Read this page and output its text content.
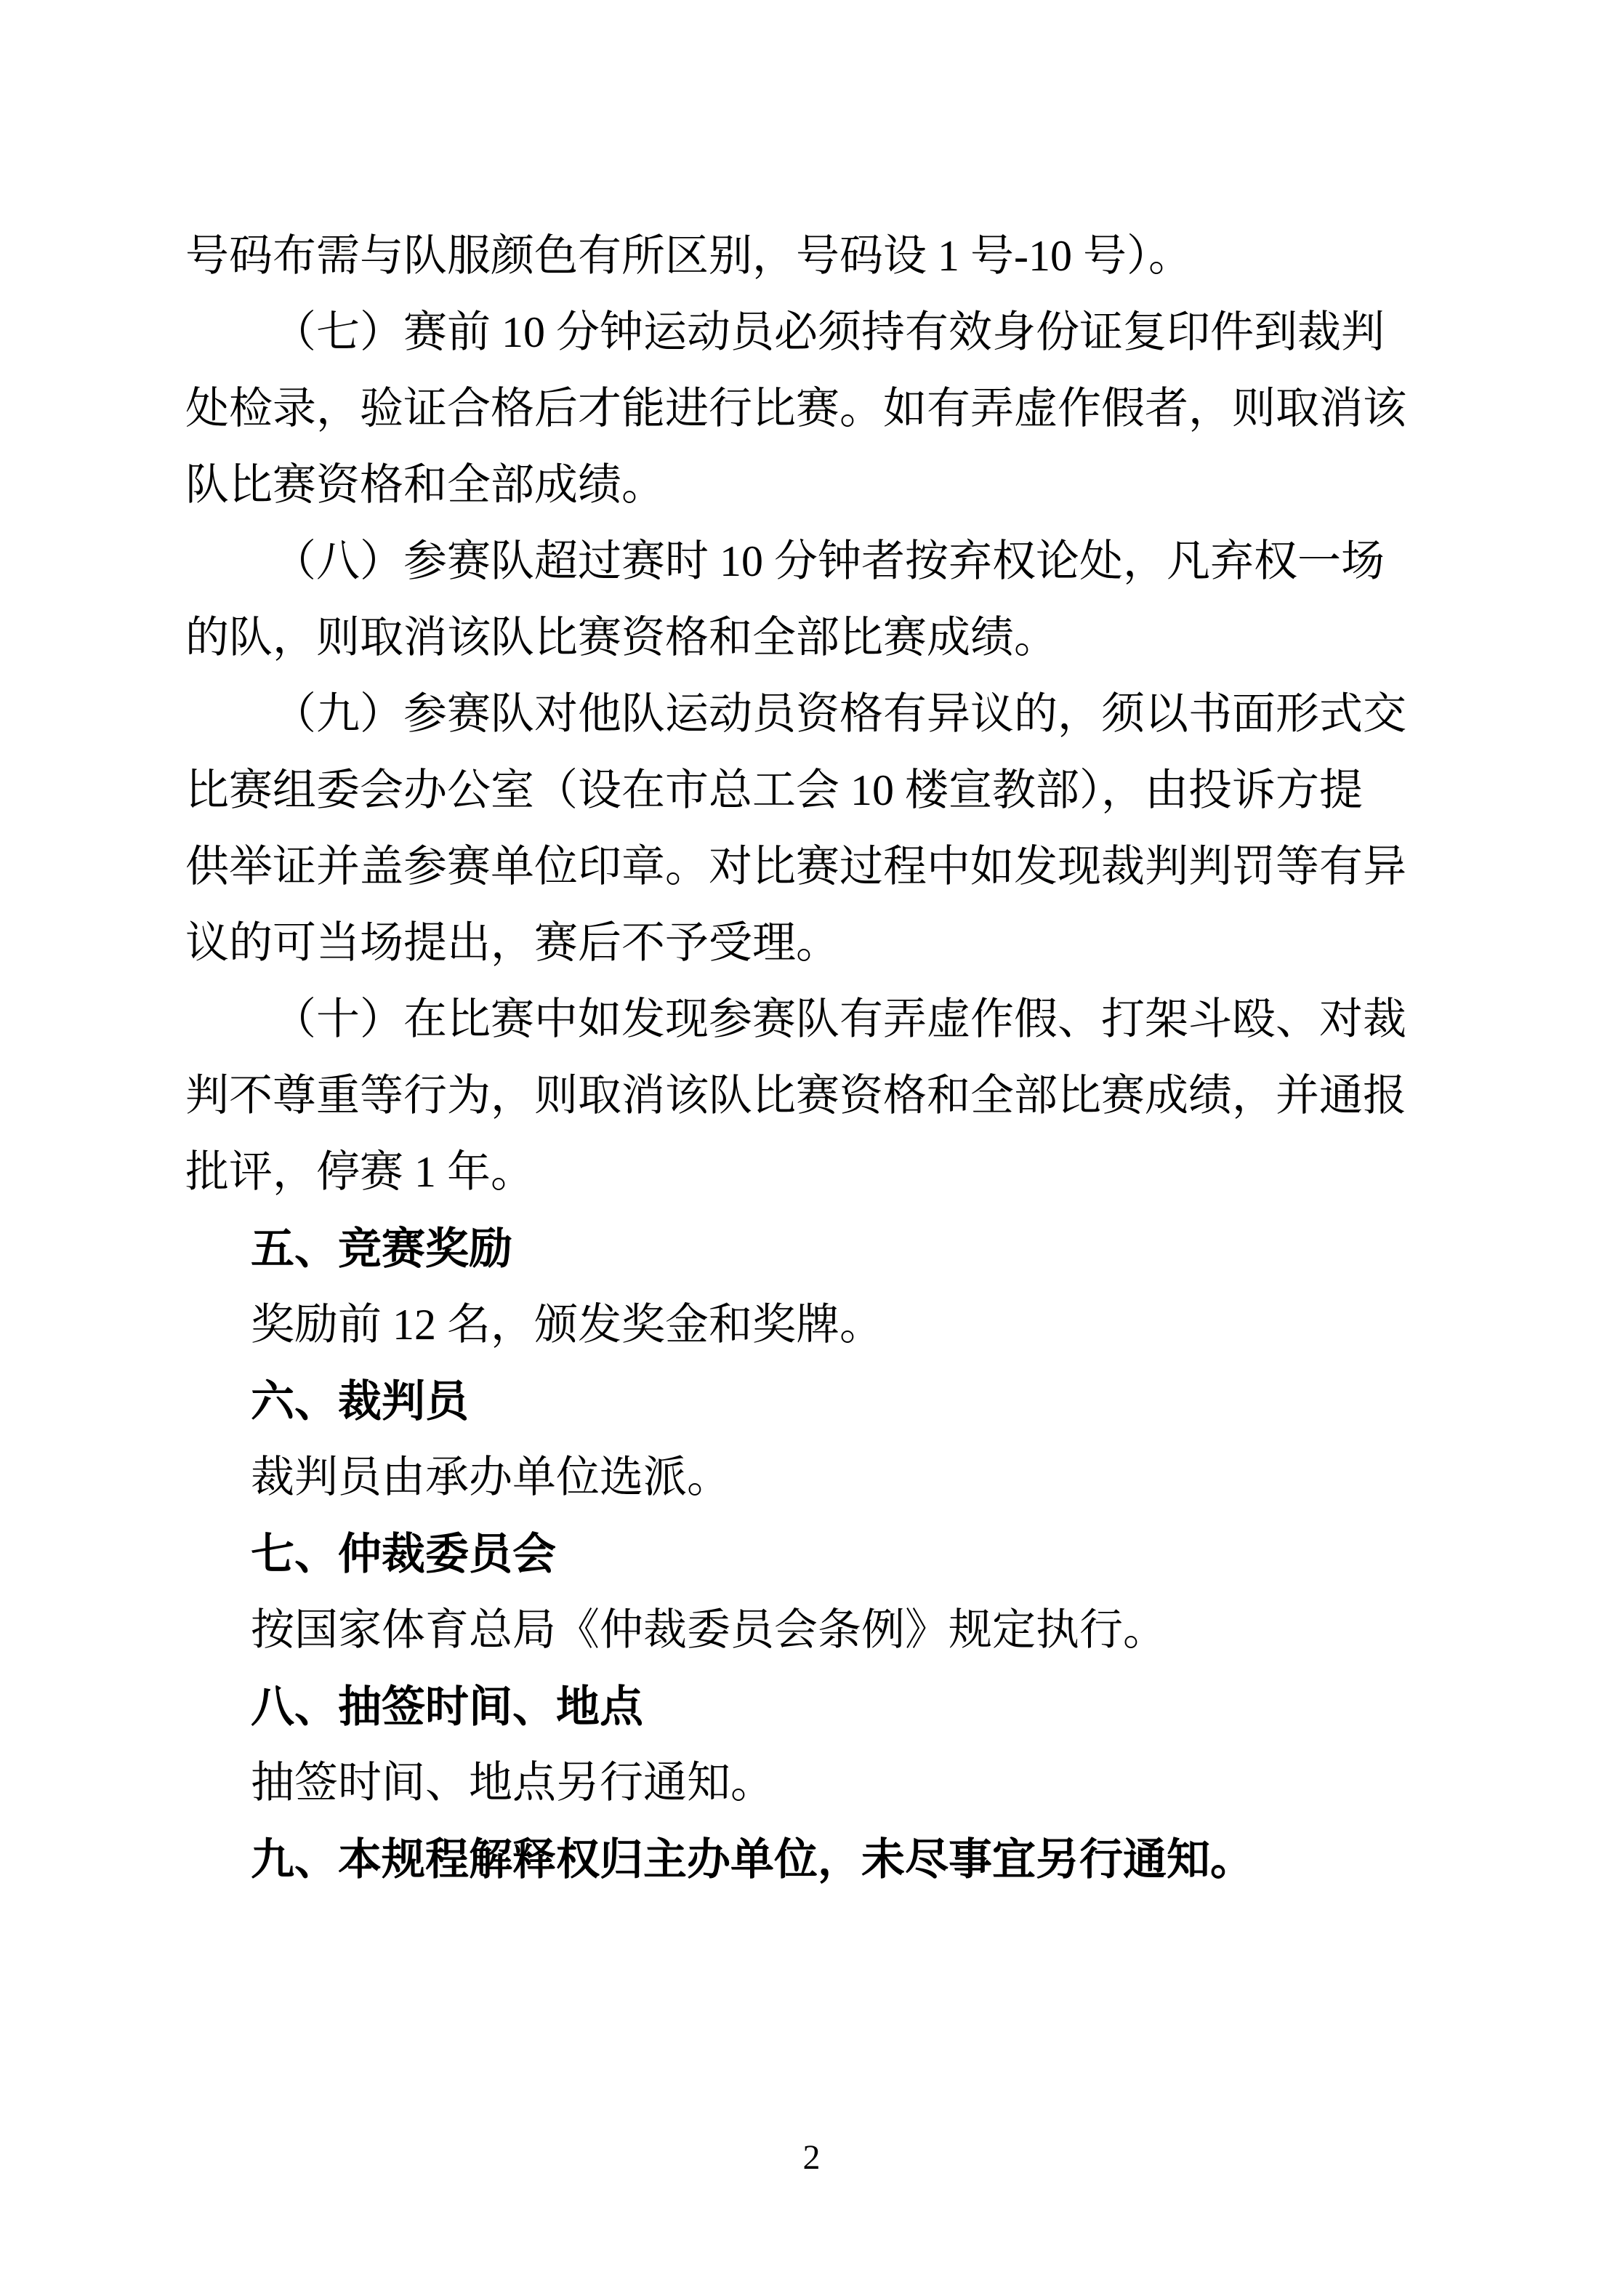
号码布需与队服颜色有所区别，号码设 1 号-10 号）。
（七）赛前 10 分钟运动员必须持有效身份证复印件到裁判
处检录，验证合格后才能进行比赛。如有弄虚作假者，则取消该
队比赛资格和全部成绩。
（八）参赛队超过赛时 10 分钟者按弃权论处，凡弃权一场
的队，则取消该队比赛资格和全部比赛成绩。
（九）参赛队对他队运动员资格有异议的，须以书面形式交
比赛组委会办公室（设在市总工会 10 楼宣教部），由投诉方提
供举证并盖参赛单位印章。对比赛过程中如发现裁判判罚等有异
议的可当场提出，赛后不予受理。
（十）在比赛中如发现参赛队有弄虚作假、打架斗殴、对裁
判不尊重等行为，则取消该队比赛资格和全部比赛成绩，并通报
批评，停赛 1 年。
五、竞赛奖励
奖励前 12 名，颁发奖金和奖牌。
六、裁判员
裁判员由承办单位选派。
七、仲裁委员会
按国家体育总局《仲裁委员会条例》规定执行。
八、抽签时间、地点
抽签时间、地点另行通知。
九、本规程解释权归主办单位，未尽事宜另行通知。
2
